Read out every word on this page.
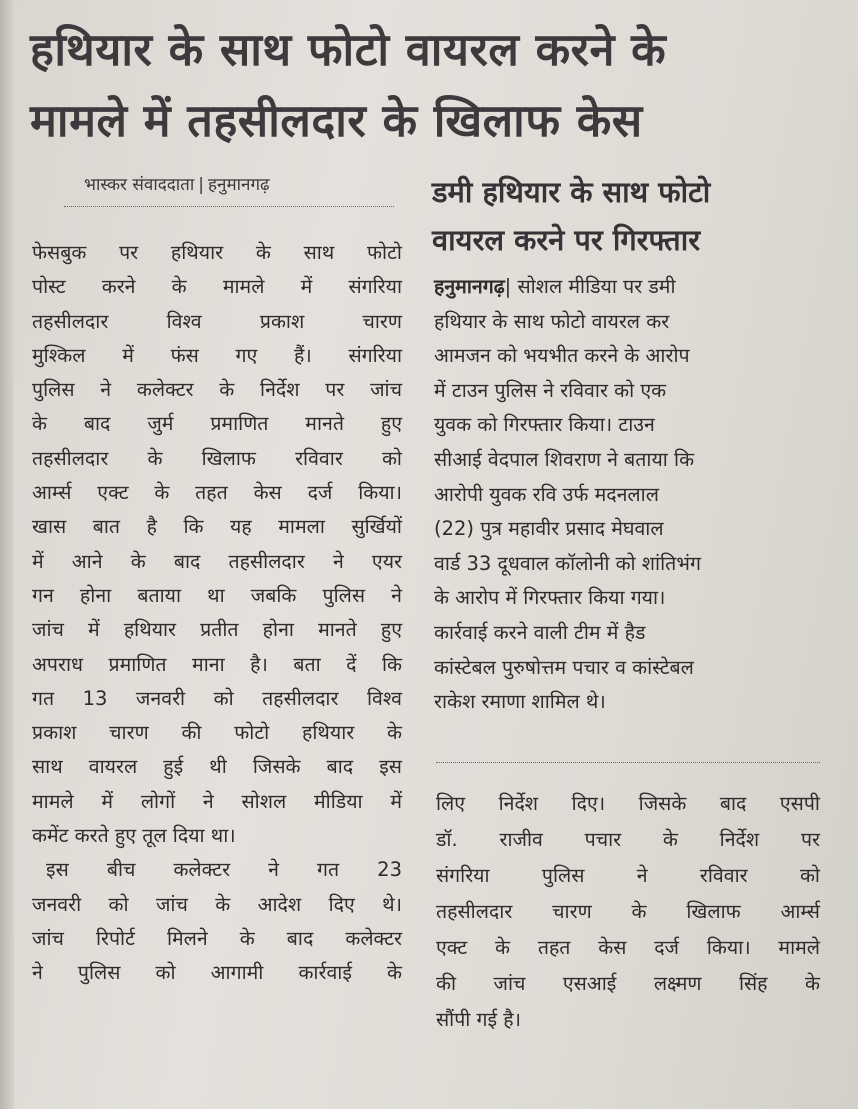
हथियार के साथ फोटो वायरल करने के
मामले में तहसीलदार के खिलाफ केस
भास्कर संवाददाता | हनुमानगढ़
फेसबुक पर हथियार के साथ फोटो
पोस्ट करने के मामले में संगरिया
तहसीलदार विश्व प्रकाश चारण
मुश्किल में फंस गए हैं। संगरिया
पुलिस ने कलेक्टर के निर्देश पर जांच
के बाद जुर्म प्रमाणित मानते हुए
तहसीलदार के खिलाफ रविवार को
आर्म्स एक्ट के तहत केस दर्ज किया।
खास बात है कि यह मामला सुर्खियों
में आने के बाद तहसीलदार ने एयर
गन होना बताया था जबकि पुलिस ने
जांच में हथियार प्रतीत होना मानते हुए
अपराध प्रमाणित माना है। बता दें कि
गत 13 जनवरी को तहसीलदार विश्व
प्रकाश चारण की फोटो हथियार के
साथ वायरल हुई थी जिसके बाद इस
मामले में लोगों ने सोशल मीडिया में
कमेंट करते हुए तूल दिया था।
इस बीच कलेक्टर ने गत 23
जनवरी को जांच के आदेश दिए थे।
जांच रिपोर्ट मिलने के बाद कलेक्टर
ने पुलिस को आगामी कार्रवाई के
डमी हथियार के साथ फोटो
वायरल करने पर गिरफ्तार
हनुमानगढ़| सोशल मीडिया पर डमी
हथियार के साथ फोटो वायरल कर
आमजन को भयभीत करने के आरोप
में टाउन पुलिस ने रविवार को एक
युवक को गिरफ्तार किया। टाउन
सीआई वेदपाल शिवराण ने बताया कि
आरोपी युवक रवि उर्फ मदनलाल
(22) पुत्र महावीर प्रसाद मेघवाल
वार्ड 33 दूधवाल कॉलोनी को शांतिभंग
के आरोप में गिरफ्तार किया गया।
कार्रवाई करने वाली टीम में हैड
कांस्टेबल पुरुषोत्तम पचार व कांस्टेबल
राकेश रमाणा शामिल थे।
लिए निर्देश दिए। जिसके बाद एसपी
डॉ. राजीव पचार के निर्देश पर
संगरिया पुलिस ने रविवार को
तहसीलदार चारण के खिलाफ आर्म्स
एक्ट के तहत केस दर्ज किया। मामले
की जांच एसआई लक्ष्मण सिंह के
सौंपी गई है।
